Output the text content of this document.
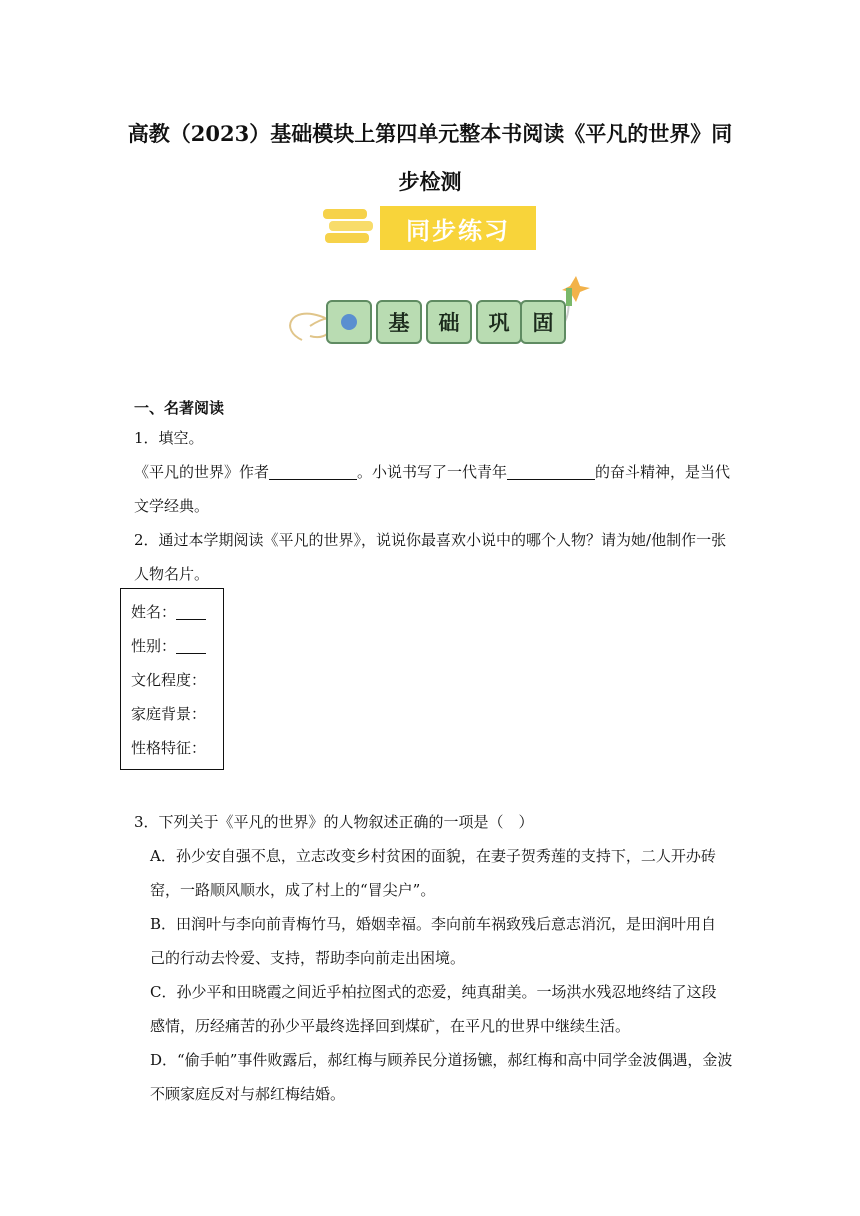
高教（2023）基础模块上第四单元整本书阅读《平凡的世界》同
步检测
同步练习
基	础	巩	固
一、名著阅读
1．填空。
《平凡的世界》作者	。小说书写了一代青年	的奋斗精神，是当代
文学经典。
2．通过本学期阅读《平凡的世界》，说说你最喜欢小说中的哪个人物？请为她/他制作一张
人物名片。
姓名：
性别：
文化程度：
家庭背景：
性格特征：
3．下列关于《平凡的世界》的人物叙述正确的一项是（　）
A．孙少安自强不息，立志改变乡村贫困的面貌，在妻子贺秀莲的支持下，二人开办砖
窑，一路顺风顺水，成了村上的“冒尖户”。
B．田润叶与李向前青梅竹马，婚姻幸福。李向前车祸致残后意志消沉，是田润叶用自
己的行动去怜爱、支持，帮助李向前走出困境。
C．孙少平和田晓霞之间近乎柏拉图式的恋爱，纯真甜美。一场洪水残忍地终结了这段
感情，历经痛苦的孙少平最终选择回到煤矿，在平凡的世界中继续生活。
D．“偷手帕”事件败露后，郝红梅与顾养民分道扬镳，郝红梅和高中同学金波偶遇，金波
不顾家庭反对与郝红梅结婚。
